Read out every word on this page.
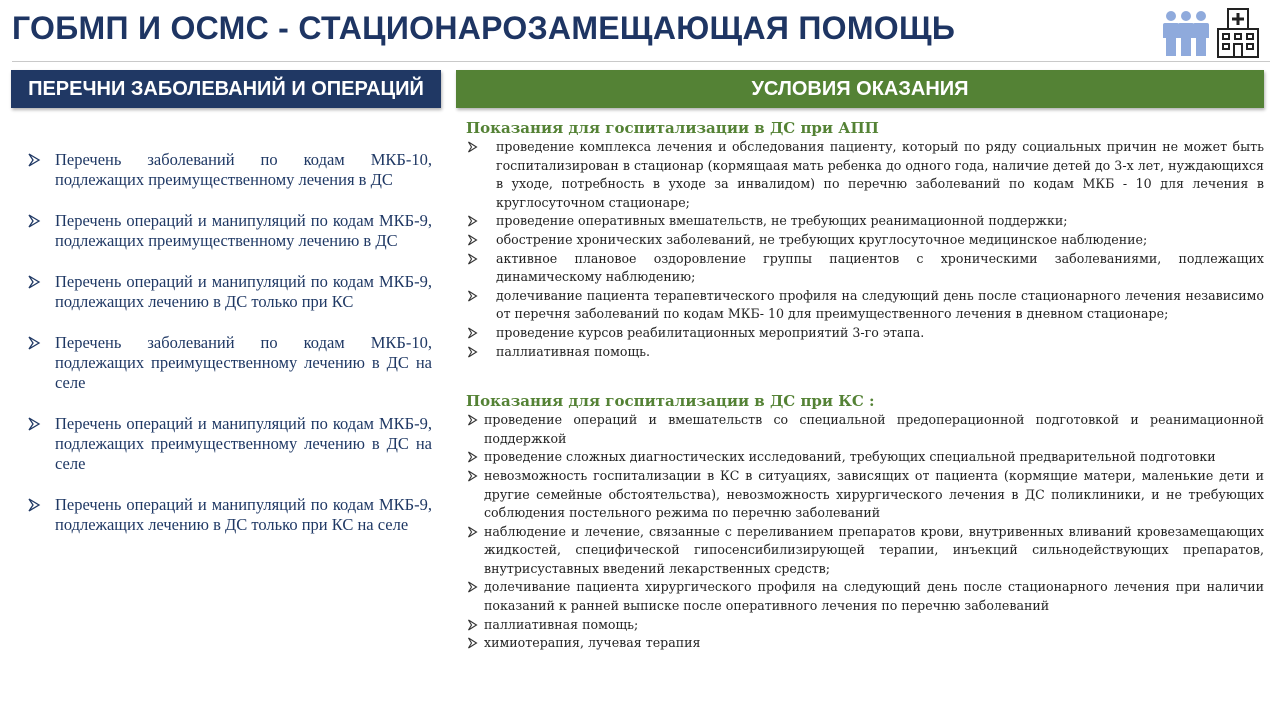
ГОБМП И ОСМС - СТАЦИОНАРОЗАМЕЩАЮЩАЯ ПОМОЩЬ
ПЕРЕЧНИ ЗАБОЛЕВАНИЙ И ОПЕРАЦИЙ	УСЛОВИЯ ОКАЗАНИЯ
Перечень заболеваний по кодам МКБ-10, подлежащих преимущественному лечения в ДС
Перечень операций и манипуляций по кодам МКБ-9, подлежащих преимущественному лечению в ДС
Перечень операций и манипуляций по кодам МКБ-9, подлежащих лечению в ДС только при КС
Перечень заболеваний по кодам МКБ-10, подлежащих преимущественному лечению в ДС на селе
Перечень операций и манипуляций по кодам МКБ-9, подлежащих преимущественному лечению в ДС на селе
Перечень операций и манипуляций по кодам МКБ-9, подлежащих лечению в ДС только при КС на селе

Показания для госпитализации в ДС при АПП

проведение комплекса лечения и обследования пациенту, который по ряду социальных причин не может быть госпитализирован в стационар (кормящаая мать ребенка до одного года, наличие детей до 3-х лет, нуждающихся в уходе, потребность в уходе за инвалидом) по перечню заболеваний по кодам МКБ - 10 для лечения в круглосуточном стационаре;
проведение оперативных вмешательств, не требующих реанимационной поддержки;
обострение хронических заболеваний, не требующих круглосуточное медицинское наблюдение;
активное плановое оздоровление группы пациентов с хроническими заболеваниями, подлежащих динамическому наблюдению;
долечивание пациента терапевтического профиля на следующий день после стационарного лечения независимо от перечня заболеваний по кодам МКБ- 10 для преимущественного лечения в дневном стационаре;
проведение курсов реабилитационных мероприятий 3-го этапа.
паллиативная помощь.

Показания для госпитализации в ДС при КС :

проведение операций и вмешательств со специальной предоперационной подготовкой и реанимационной поддержкой
проведение сложных диагностических исследований, требующих специальной предварительной подготовки
невозможность госпитализации в КС в ситуациях, зависящих от пациента (кормящие матери, маленькие дети и другие семейные обстоятельства), невозможность хирургического лечения в ДС поликлиники, и не требующих соблюдения постельного режима по перечню заболеваний
наблюдение и лечение, связанные с переливанием препаратов крови, внутривенных вливаний кровезамещающих жидкостей, специфической гипосенсибилизирующей терапии, инъекций сильнодействующих препаратов, внутрисуставных введений лекарственных средств;
долечивание пациента хирургического профиля на следующий день после стационарного лечения при наличии показаний к ранней выписке после оперативного лечения по перечню заболеваний
паллиативная помощь;
химиотерапия, лучевая терапия
